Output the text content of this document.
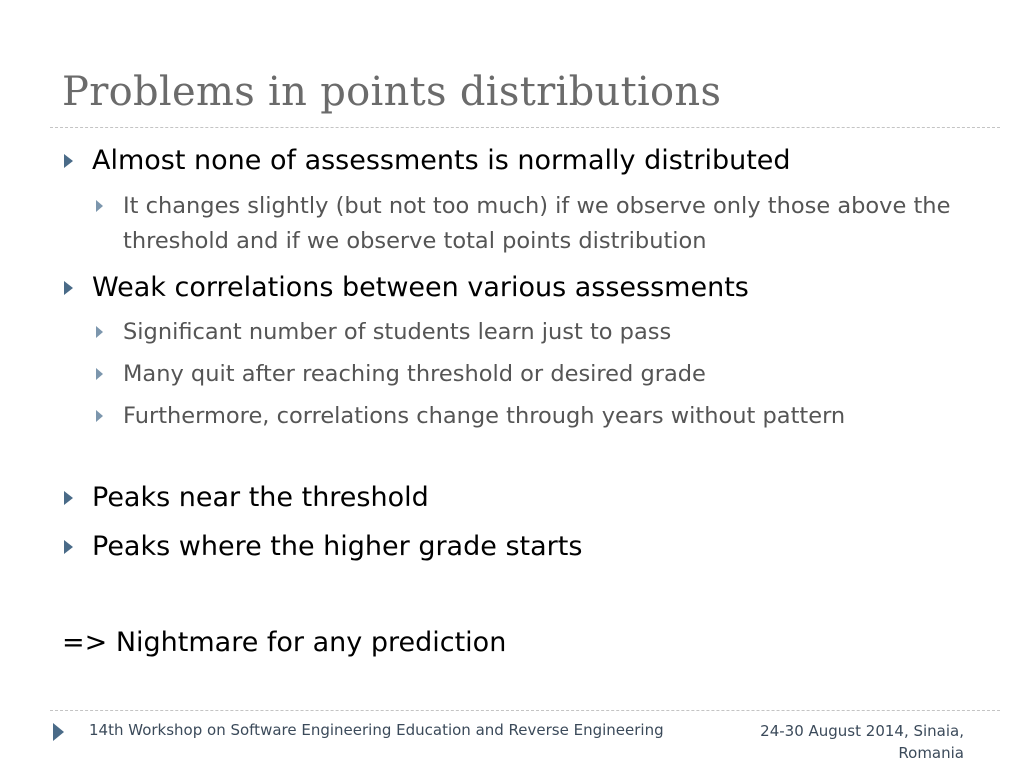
Problems in points distributions
Almost none of assessments is normally distributed
It changes slightly (but not too much) if we observe only those above the threshold and if we observe total points distribution
Weak correlations between various assessments
Significant number of students learn just to pass
Many quit after reaching threshold or desired grade
Furthermore, correlations change through years without pattern
Peaks near the threshold
Peaks where the higher grade starts
=> Nightmare for any prediction
14th Workshop on Software Engineering Education and Reverse Engineering	24-30 August 2014, Sinaia, Romania
